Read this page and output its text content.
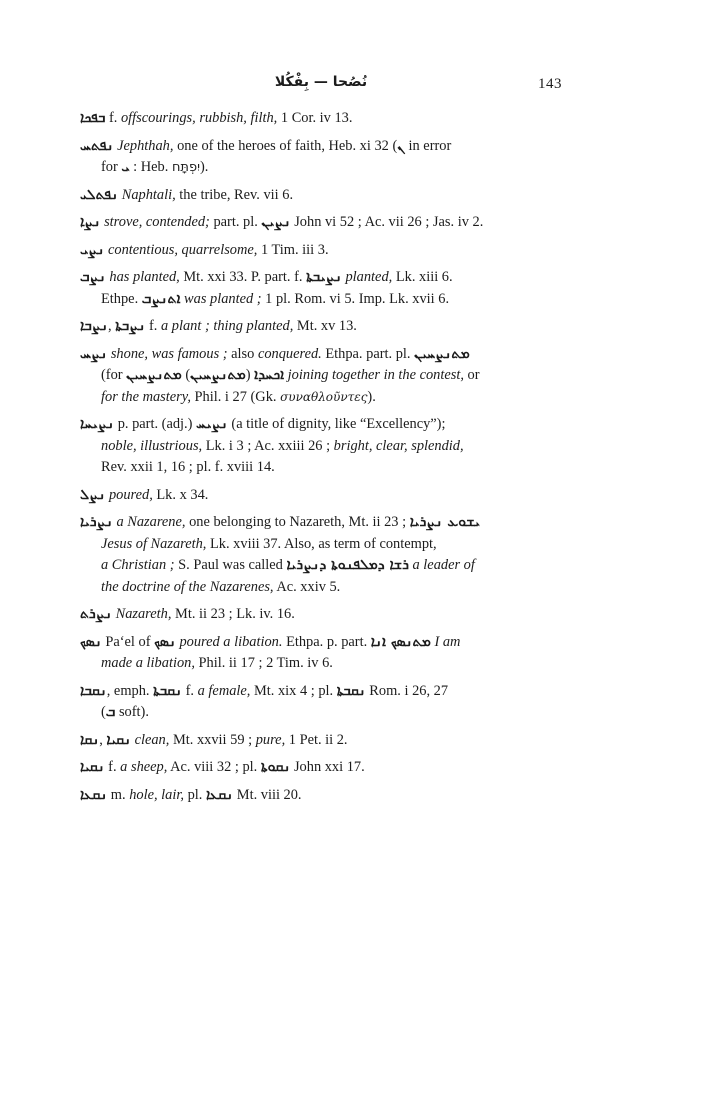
نُصُحا — بِفْكُلا	143
ܒܦܟܐ f. offscourings, rubbish, filth, 1 Cor. iv 13.
ܢܦܬܚ Jephthah, one of the heroes of faith, Heb. xi 32 (ܢ in error
for ܝ : Heb. יִפְתָּח).
ܢܦܬܠܝ Naphtali, the tribe, Rev. vii 6.
ܢܨܐ strove, contended; part. pl. ܢܨܝܢ John vi 52 ; Ac. vii 26 ; Jas. iv 2.
ܢܨܝ contentious, quarrelsome, 1 Tim. iii 3.
ܢܨܒ has planted, Mt. xxi 33. P. part. f. ܢܨܝܒܬܐ planted, Lk. xiii 6.
Ethpe. ܐܬܢܨܒ was planted ; 1 pl. Rom. vi 5. Imp. Lk. xvii 6.
ܢܨܒܐ, ܢܨܒܬܐ f. a plant ; thing planted, Mt. xv 13.
ܢܨܚ shone, was famous ; also conquered. Ethpa. part. pl. ܡܬܢܨܚܝܢ
(for ܡܬܢܨܚܝܢ (ܡܬܢܨܚܝܢ) ܐܟܚܕܐ joining together in the contest, or
for the mastery, Phil. i 27 (Gk. συναθλοῦντες).
ܢܨܝܚܐ p. part. (adj.) ܢܨܝܚ (a title of dignity, like “Excellency”);
noble, illustrious, Lk. i 3 ; Ac. xxiii 26 ; bright, clear, splendid,
Rev. xxii 1, 16 ; pl. f. xviii 14.
ܢܨܠ poured, Lk. x 34.
ܢܨܪܝܐ a Nazarene, one belonging to Nazareth, Mt. ii 23 ; ܝܫܘܥ ܢܨܪܝܐ
Jesus of Nazareth, Lk. xviii 37. Also, as term of contempt,
a Christian ; S. Paul was called ܪܫܐ ܕܡܠܦܢܘܬܐ ܕܢܨܪܝܐ a leader of
the doctrine of the Nazarenes, Ac. xxiv 5.
ܢܨܪܬ Nazareth, Mt. ii 23 ; Lk. iv. 16.
ܢܣܟ Pa‘el of ܢܣܟ poured a libation. Ethpa. p. part. ܡܬܢܣܟ ܐܢܐ I am
made a libation, Phil. ii 17 ; 2 Tim. iv 6.
ܢܩܒܐ, emph. ܢܩܒܬܐ f. a female, Mt. xix 4 ; pl. ܢܩܒܬܐ Rom. i 26, 27
(ܒ soft).
ܢܩܐ, ܢܩܝܐ clean, Mt. xxvii 59 ; pure, 1 Pet. ii 2.
ܢܩܝܐ f. a sheep, Ac. viii 32 ; pl. ܢܩܘܬܐ John xxi 17.
ܢܩܥܐ m. hole, lair, pl. ܢܩܥܐ Mt. viii 20.
